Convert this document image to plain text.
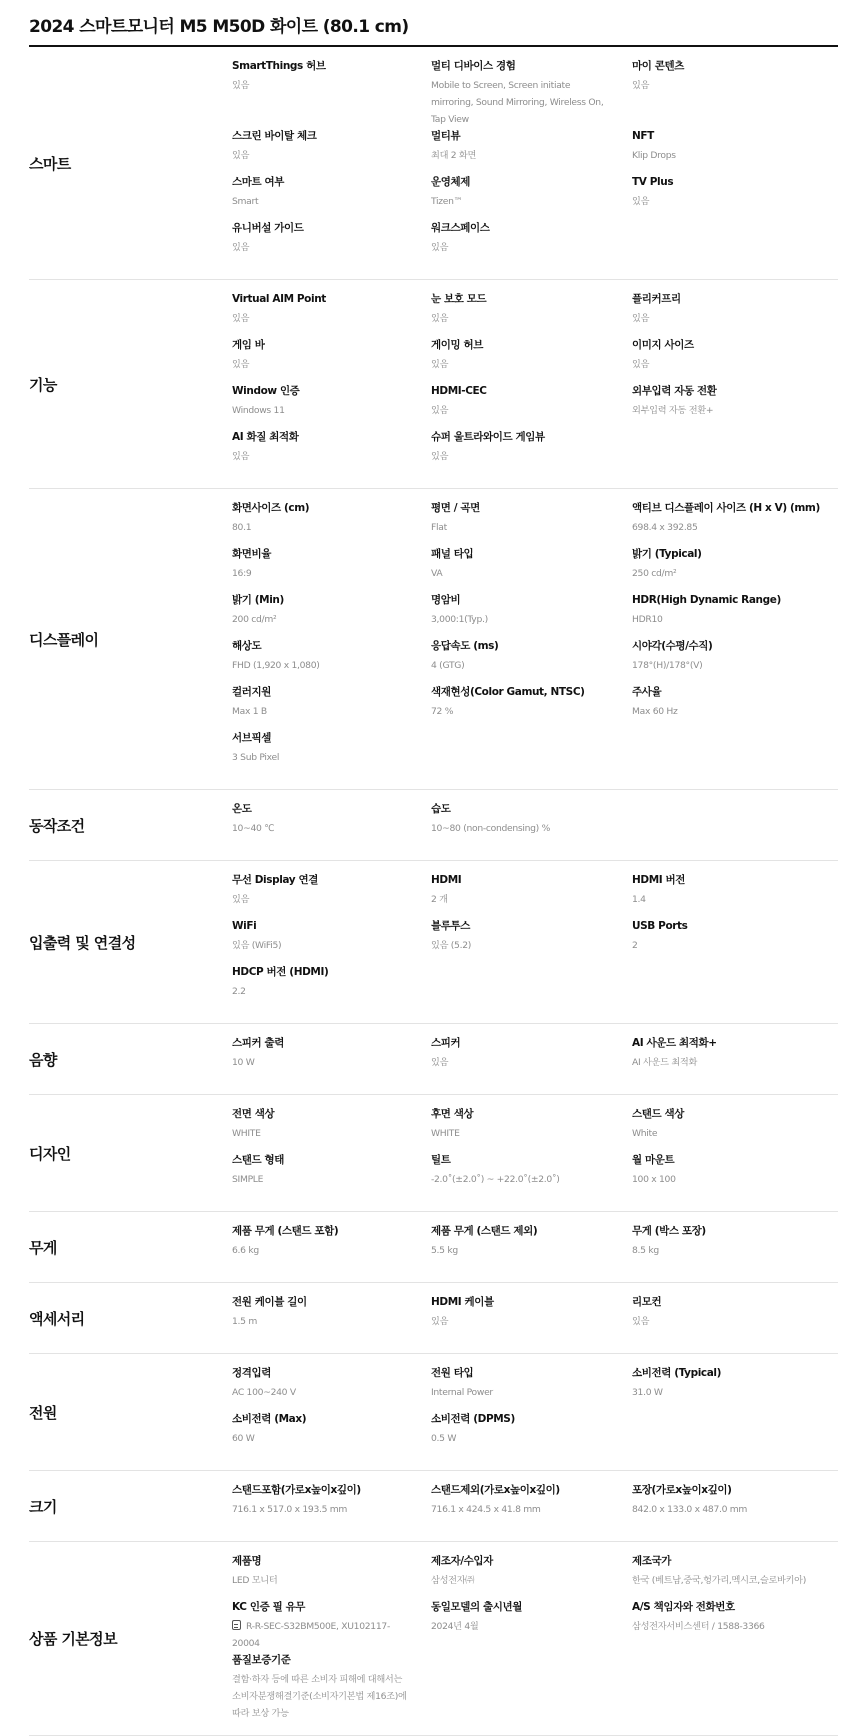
2024 스마트모니터 M5 M50D 화이트 (80.1 cm)
스마트
SmartThings 허브
있음
멀티 디바이스 경험
Mobile to Screen, Screen initiate mirroring, Sound Mirroring, Wireless On, Tap View
마이 콘텐츠
있음
스크린 바이탈 체크
있음
멀티뷰
최대 2 화면
NFT
Klip Drops
스마트 여부
Smart
운영체제
Tizen™
TV Plus
있음
유니버설 가이드
있음
워크스페이스
있음
기능
Virtual AIM Point
있음
눈 보호 모드
있음
플리커프리
있음
게임 바
있음
게이밍 허브
있음
이미지 사이즈
있음
Window 인증
Windows 11
HDMI-CEC
있음
외부입력 자동 전환
외부입력 자동 전환+
AI 화질 최적화
있음
슈퍼 울트라와이드 게임뷰
있음
디스플레이
화면사이즈 (cm)
80.1
평면 / 곡면
Flat
액티브 디스플레이 사이즈 (H x V) (mm)
698.4 x 392.85
화면비율
16:9
패널 타입
VA
밝기 (Typical)
250 cd/m²
밝기 (Min)
200 cd/m²
명암비
3,000:1(Typ.)
HDR(High Dynamic Range)
HDR10
해상도
FHD (1,920 x 1,080)
응답속도 (ms)
4 (GTG)
시야각(수평/수직)
178°(H)/178°(V)
컬러지원
Max 1 B
색재현성(Color Gamut, NTSC)
72 %
주사율
Max 60 Hz
서브픽셀
3 Sub Pixel
동작조건
온도
10~40 ℃
습도
10~80 (non-condensing) %
입출력 및 연결성
무선 Display 연결
있음
HDMI
2 개
HDMI 버전
1.4
WiFi
있음 (WiFi5)
블루투스
있음 (5.2)
USB Ports
2
HDCP 버전 (HDMI)
2.2
음향
스피커 출력
10 W
스피커
있음
AI 사운드 최적화+
AI 사운드 최적화
디자인
전면 색상
WHITE
후면 색상
WHITE
스탠드 색상
White
스탠드 형태
SIMPLE
틸트
-2.0˚(±2.0˚) ~ +22.0˚(±2.0˚)
월 마운트
100 x 100
무게
제품 무게 (스탠드 포함)
6.6 kg
제품 무게 (스탠드 제외)
5.5 kg
무게 (박스 포장)
8.5 kg
액세서리
전원 케이블 길이
1.5 m
HDMI 케이블
있음
리모컨
있음
전원
정격입력
AC 100~240 V
전원 타입
Internal Power
소비전력 (Typical)
31.0 W
소비전력 (Max)
60 W
소비전력 (DPMS)
0.5 W
크기
스탠드포함(가로x높이x깊이)
716.1 x 517.0 x 193.5 mm
스탠드제외(가로x높이x깊이)
716.1 x 424.5 x 41.8 mm
포장(가로x높이x깊이)
842.0 x 133.0 x 487.0 mm
상품 기본정보
제품명
LED 모니터
제조자/수입자
삼성전자㈜
제조국가
한국 (베트남,중국,헝가리,멕시코,슬로바키아)
KC 인증 필 유무
R-R-SEC-S32BM500E, XU102117-20004
동일모델의 출시년월
2024년 4월
A/S 책임자와 전화번호
삼성전자서비스센터 / 1588-3366
품질보증기준
결함·하자 등에 따른 소비자 피해에 대해서는 소비자분쟁해결기준(소비자기본법 제16조)에 따라 보상 가능
